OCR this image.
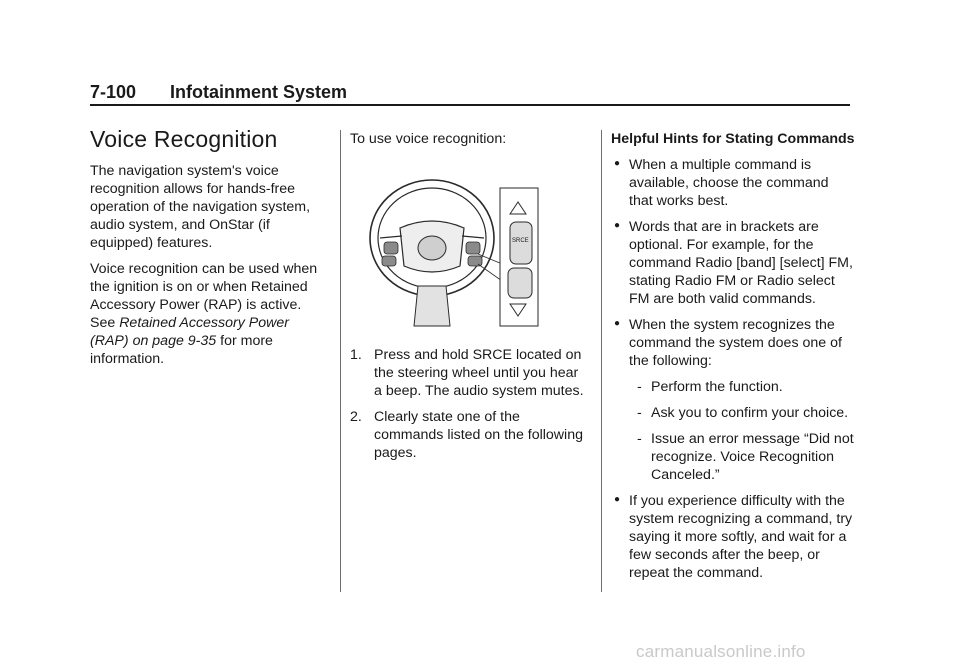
7-100 Infotainment System
Voice Recognition

The navigation system's voice recognition allows for hands-free operation of the navigation system, audio system, and OnStar (if equipped) features.

Voice recognition can be used when the ignition is on or when Retained Accessory Power (RAP) is active. See Retained Accessory Power (RAP) on page 9-35 for more information.

To use voice recognition:

SRCE
1. Press and hold SRCE located on the steering wheel until you hear a beep. The audio system mutes.
2. Clearly state one of the commands listed on the following pages.
Helpful Hints for Stating Commands
● When a multiple command is available, choose the command that works best.
● Words that are in brackets are optional. For example, for the command Radio [band] [select] FM, stating Radio FM or Radio select FM are both valid commands.
● When the system recognizes the command the system does one of the following:
- Perform the function.
- Ask you to confirm your choice.
- Issue an error message “Did not recognize. Voice Recognition Canceled.”
● If you experience difficulty with the system recognizing a command, try saying it more softly, and wait for a few seconds after the beep, or repeat the command.
carmanualsonline.info
